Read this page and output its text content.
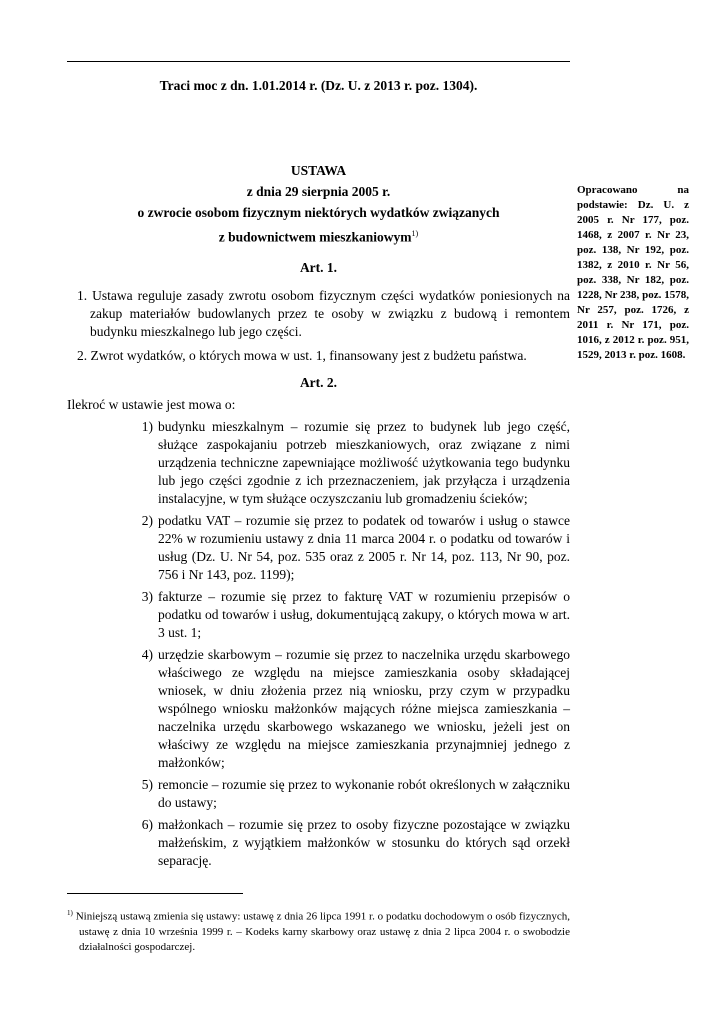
Traci moc z dn. 1.01.2014 r. (Dz. U. z 2013 r. poz. 1304).
USTAWA
z dnia 29 sierpnia 2005 r.
o zwrocie osobom fizycznym niektórych wydatków związanych
z budownictwem mieszkaniowym$^{1)}$
Opracowano na podstawie: Dz. U. z 2005 r. Nr 177, poz. 1468, z 2007 r. Nr 23, poz. 138, Nr 192, poz. 1382, z 2010 r. Nr 56, poz. 338, Nr 182, poz. 1228, Nr 238, poz. 1578, Nr 257, poz. 1726, z 2011 r. Nr 171, poz. 1016, z 2012 r. poz. 951, 1529, 2013 r. poz. 1608.
Art. 1.
1. Ustawa reguluje zasady zwrotu osobom fizycznym części wydatków poniesionych na zakup materiałów budowlanych przez te osoby w związku z budową i remontem budynku mieszkalnego lub jego części.
2. Zwrot wydatków, o których mowa w ust. 1, finansowany jest z budżetu państwa.
Art. 2.
Ilekroć w ustawie jest mowa o:
1) budynku mieszkalnym – rozumie się przez to budynek lub jego część, służące zaspokajaniu potrzeb mieszkaniowych, oraz związane z nimi urządzenia techniczne zapewniające możliwość użytkowania tego budynku lub jego części zgodnie z ich przeznaczeniem, jak przyłącza i urządzenia instalacyjne, w tym służące oczyszczaniu lub gromadzeniu ścieków;
2) podatku VAT – rozumie się przez to podatek od towarów i usług o stawce 22% w rozumieniu ustawy z dnia 11 marca 2004 r. o podatku od towarów i usług (Dz. U. Nr 54, poz. 535 oraz z 2005 r. Nr 14, poz. 113, Nr 90, poz. 756 i Nr 143, poz. 1199);
3) fakturze – rozumie się przez to fakturę VAT w rozumieniu przepisów o podatku od towarów i usług, dokumentującą zakupy, o których mowa w art. 3 ust. 1;
4) urzędzie skarbowym – rozumie się przez to naczelnika urzędu skarbowego właściwego ze względu na miejsce zamieszkania osoby składającej wniosek, w dniu złożenia przez nią wniosku, przy czym w przypadku wspólnego wniosku małżonków mających różne miejsca zamieszkania – naczelnika urzędu skarbowego wskazanego we wniosku, jeżeli jest on właściwy ze względu na miejsce zamieszkania przynajmniej jednego z małżonków;
5) remoncie – rozumie się przez to wykonanie robót określonych w załączniku do ustawy;
6) małżonkach – rozumie się przez to osoby fizyczne pozostające w związku małżeńskim, z wyjątkiem małżonków w stosunku do których sąd orzekł separację.
$^{1)}$ Niniejszą ustawą zmienia się ustawy: ustawę z dnia 26 lipca 1991 r. o podatku dochodowym o osób fizycznych, ustawę z dnia 10 września 1999 r. – Kodeks karny skarbowy oraz ustawę z dnia 2 lipca 2004 r. o swobodzie działalności gospodarczej.
